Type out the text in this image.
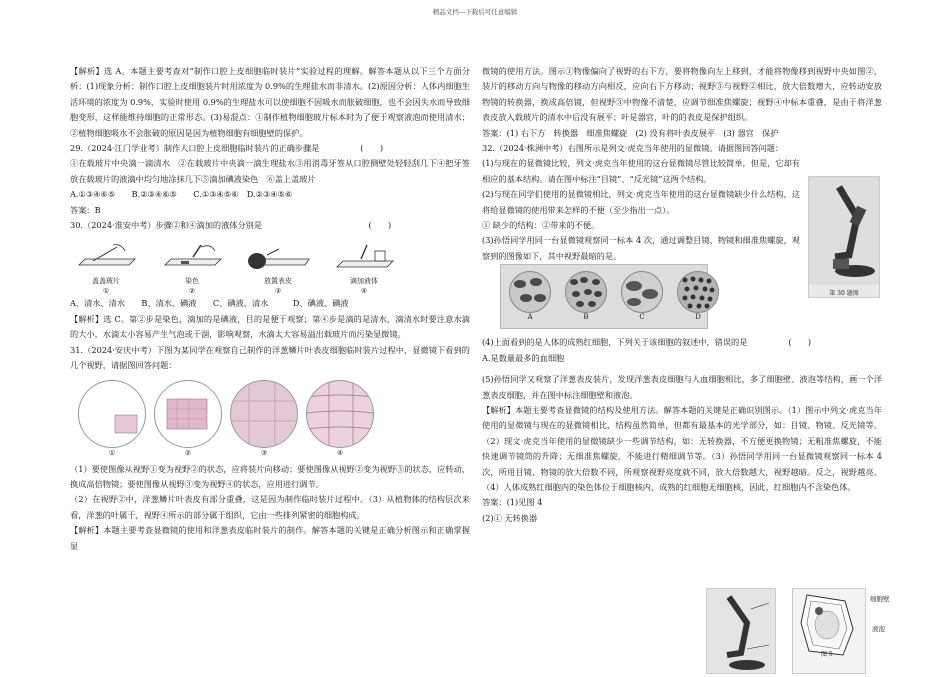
精品文档---下载后可任意编辑

【解析】选 A。本题主要考查对“制作口腔上皮细胞临时装片”实验过程的理解。解答本题从以下三个方面分析：(1)现象分析：制作口腔上皮细胞装片时用浓度为 0.9%的生理盐水而非清水。(2)原因分析：人体内细胞生活环境的浓度为 0.9%，实验时使用 0.9%的生理盐水可以使细胞不因吸水而胀破细胞，也不会因失水而导致细胞变形，这样能维持细胞的正常形态。(3)易混点：①制作植物细胞玻片标本时为了便于观察液泡而使用清水；②植物细胞吸水不会胀破的原因是因为植物细胞有细胞壁的保护。

29.（2024·江门学业考）制作人口腔上皮细胞临时装片的正确步骤是　　　　　(　　)

①在载玻片中央滴一滴清水　②在载玻片中央滴一滴生理盐水③用消毒牙签从口腔侧壁处轻轻刮几下④把牙签放在载玻片的液滴中均匀地涂抹几下⑤滴加碘液染色　⑥盖上盖玻片

A.①③④⑥⑤　　B.②③④⑥⑤　　C.①③④⑤⑥　D.②③④⑤⑥

答案：B

30.（2024·淮安中考）步骤②和④滴加的液体分别是　　　　　　　　　　　　　(　　)

盖盖玻片
①
染色
②
放置表皮
③
滴加液体
④

A、清水、清水　　B、清水、碘液　　C、碘液、清水　　　D、碘液、碘液

【解析】选 C。第②步是染色，滴加的是碘液，目的是便于观察；第④步是滴的是清水，滴清水时要注意水滴的大小，水滴太小容易产生气泡或干涸，影响观察，水滴太大容易溢出载玻片而污染显微镜。

31.（2024·安庆中考）下图为某同学在观察自己制作的洋葱鳞片叶表皮细胞临时装片过程中，显微镜下看到的几个视野，请据图回答问题：

①	②	③	④

（1）要使图像从视野①变为视野②的状态，应将装片向移动；要使图像从视野②变为视野③的状态，应转动，换成高倍物镜；要使图像从视野③变为视野④的状态，应用进行调节。

（2）在视野②中，洋葱鳞片叶表皮有部分重叠，这是因为制作临时装片过程中。（3）从植物体的结构层次来看，洋葱的叶属于，视野④所示的部分属于组织，它由一些排列紧密的细胞构成。

【解析】本题主要考查显微镜的使用和洋葱表皮临时装片的制作。解答本题的关键是正确分析图示和正确掌握显

微镜的使用方法。图示①物像偏向了视野的右下方，要将物像向左上移到，才能将物像移到视野中央如图②，装片的移动方向与物像的移动方向相反，应向右下方移动；视野③与视野②相比，放大倍数增大，应转动安放物镜的转换器，换成高倍镜，但视野③中物像不清楚，应调节细准焦螺旋；视野④中标本重叠，是由于将洋葱表皮放入载玻片的清水中后没有展平；叶是器官，叶的的表皮是保护组织。

答案：(1) 右下方　转换器　细准焦螺旋　(2) 没有将叶表皮展平　(3) 器官　保护

32.（2024·株洲中考）右图所示是列文·虎克当年使用的显微镜。请据图回答问题：

(1)与现在的显微镜比较，列文·虎克当年使用的这台显微镜尽管比较简单，但是，它却有相应的基本结构。请在图中标注“目镜”、“反光镜”这两个结构。

(2)与现在同学们使用的显微镜相比，列文·虎克当年使用的这台显微镜缺少什么结构，这将给显微镜的使用带来怎样的不便（至少指出一点）。

① 缺少的结构：②带来的不便。

(3)孙悟同学用同一台显微镜观察同一标本 4 次，通过调整目镜、物镜和细准焦螺旋，观察到的图像如下，其中视野最暗的是。

A	B	C	D

(4)上面看到的是人体的成熟红细胞，下列关于该细胞的叙述中，错误的是　　　　　(　　)

A.是数量最多的血细胞

(5)孙悟同学又观察了洋葱表皮装片，发现洋葱表皮细胞与人血细胞相比，多了细胞壁、液泡等结构，画一个洋葱表皮细胞，并在图中标注细胞壁和液泡。

【解析】本题主要考查显微镜的结构及使用方法。解答本题的关键是正确识别图示。（1）图示中列文·虎克当年使用的显微镜与现在的显微镜相比，结构虽然简单，但都有最基本的光学部分，如：目镜、物镜、反光镜等。（2）现文·虎克当年使用的显微镜缺少一些调节结构，如：无转换器，不方便更换物镜；无粗准焦螺旋，不能快速调节镜筒的升降；无细准焦螺旋，不能进行精细调节等。（3）孙悟同学用同一台显微镜观察同一标本 4 次，所用目镜、物镜的放大倍数不同，所观察视野亮度就不同，放大倍数越大，视野越暗。反之，视野越亮。（4）人体成熟红细胞内的染色体位于细胞核内，成熟的红细胞无细胞核，因此，红细胞内不含染色体。

答案：(1)见图 4

(2)① 无转换器

第 30 题图
图 5
细胞壁
液泡
